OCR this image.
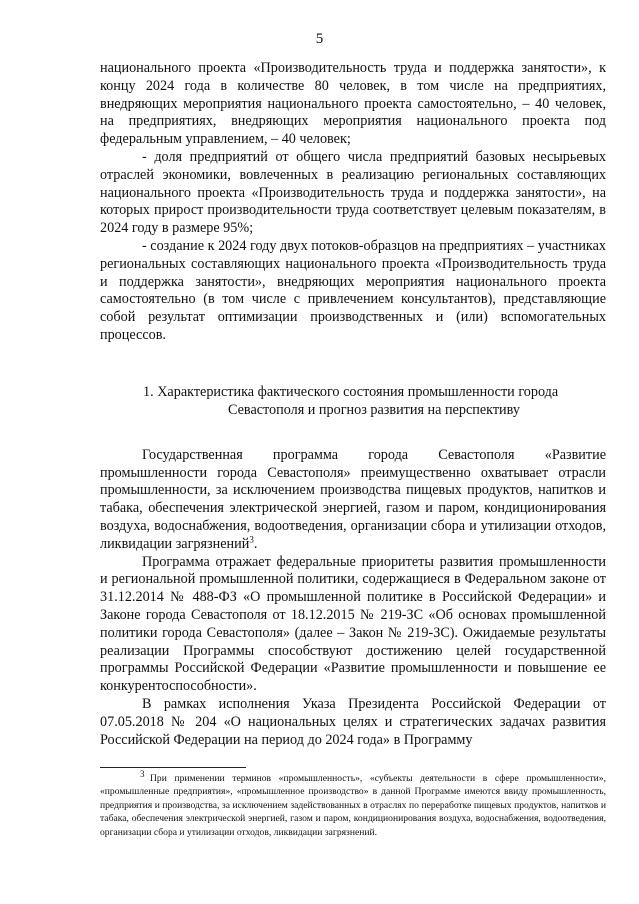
5

национального проекта «Производительность труда и поддержка занятости», к концу 2024 года в количестве 80 человек, в том числе на предприятиях, внедряющих мероприятия национального проекта самостоятельно, – 40 человек, на предприятиях, внедряющих мероприятия национального проекта под федеральным управлением, – 40 человек;

- доля предприятий от общего числа предприятий базовых несырьевых отраслей экономики, вовлеченных в реализацию региональных составляющих национального проекта «Производительность труда и поддержка занятости», на которых прирост производительности труда соответствует целевым показателям, в 2024 году в размере 95%;

- создание к 2024 году двух потоков-образцов на предприятиях – участниках региональных составляющих национального проекта «Производительность труда и поддержка занятости», внедряющих мероприятия национального проекта самостоятельно (в том числе с привлечением консультантов), представляющие собой результат оптимизации производственных и (или) вспомогательных процессов.

1. Характеристика фактического состояния промышленности города
Севастополя и прогноз развития на перспективу

Государственная программа города Севастополя «Развитие промышленности города Севастополя» преимущественно охватывает отрасли промышленности, за исключением производства пищевых продуктов, напитков и табака, обеспечения электрической энергией, газом и паром, кондиционирования воздуха, водоснабжения, водоотведения, организации сбора и утилизации отходов, ликвидации загрязнений$^3$.

Программа отражает федеральные приоритеты развития промышленности и региональной промышленной политики, содержащиеся в Федеральном законе от 31.12.2014 № 488-ФЗ «О промышленной политике в Российской Федерации» и Законе города Севастополя от 18.12.2015 № 219-ЗС «Об основах промышленной политики города Севастополя» (далее – Закон № 219-ЗС). Ожидаемые результаты реализации Программы способствуют достижению целей государственной программы Российской Федерации «Развитие промышленности и повышение ее конкурентоспособности».

В рамках исполнения Указа Президента Российской Федерации от 07.05.2018 № 204 «О национальных целях и стратегических задачах развития Российской Федерации на период до 2024 года» в Программу

$^3$ При применении терминов «промышленность», «субъекты деятельности в сфере промышленности», «промышленные предприятия», «промышленное производство» в данной Программе имеются ввиду промышленность, предприятия и производства, за исключением задействованных в отраслях по переработке пищевых продуктов, напитков и табака, обеспечения электрической энергией, газом и паром, кондиционирования воздуха, водоснабжения, водоотведения, организации сбора и утилизации отходов, ликвидации загрязнений.
